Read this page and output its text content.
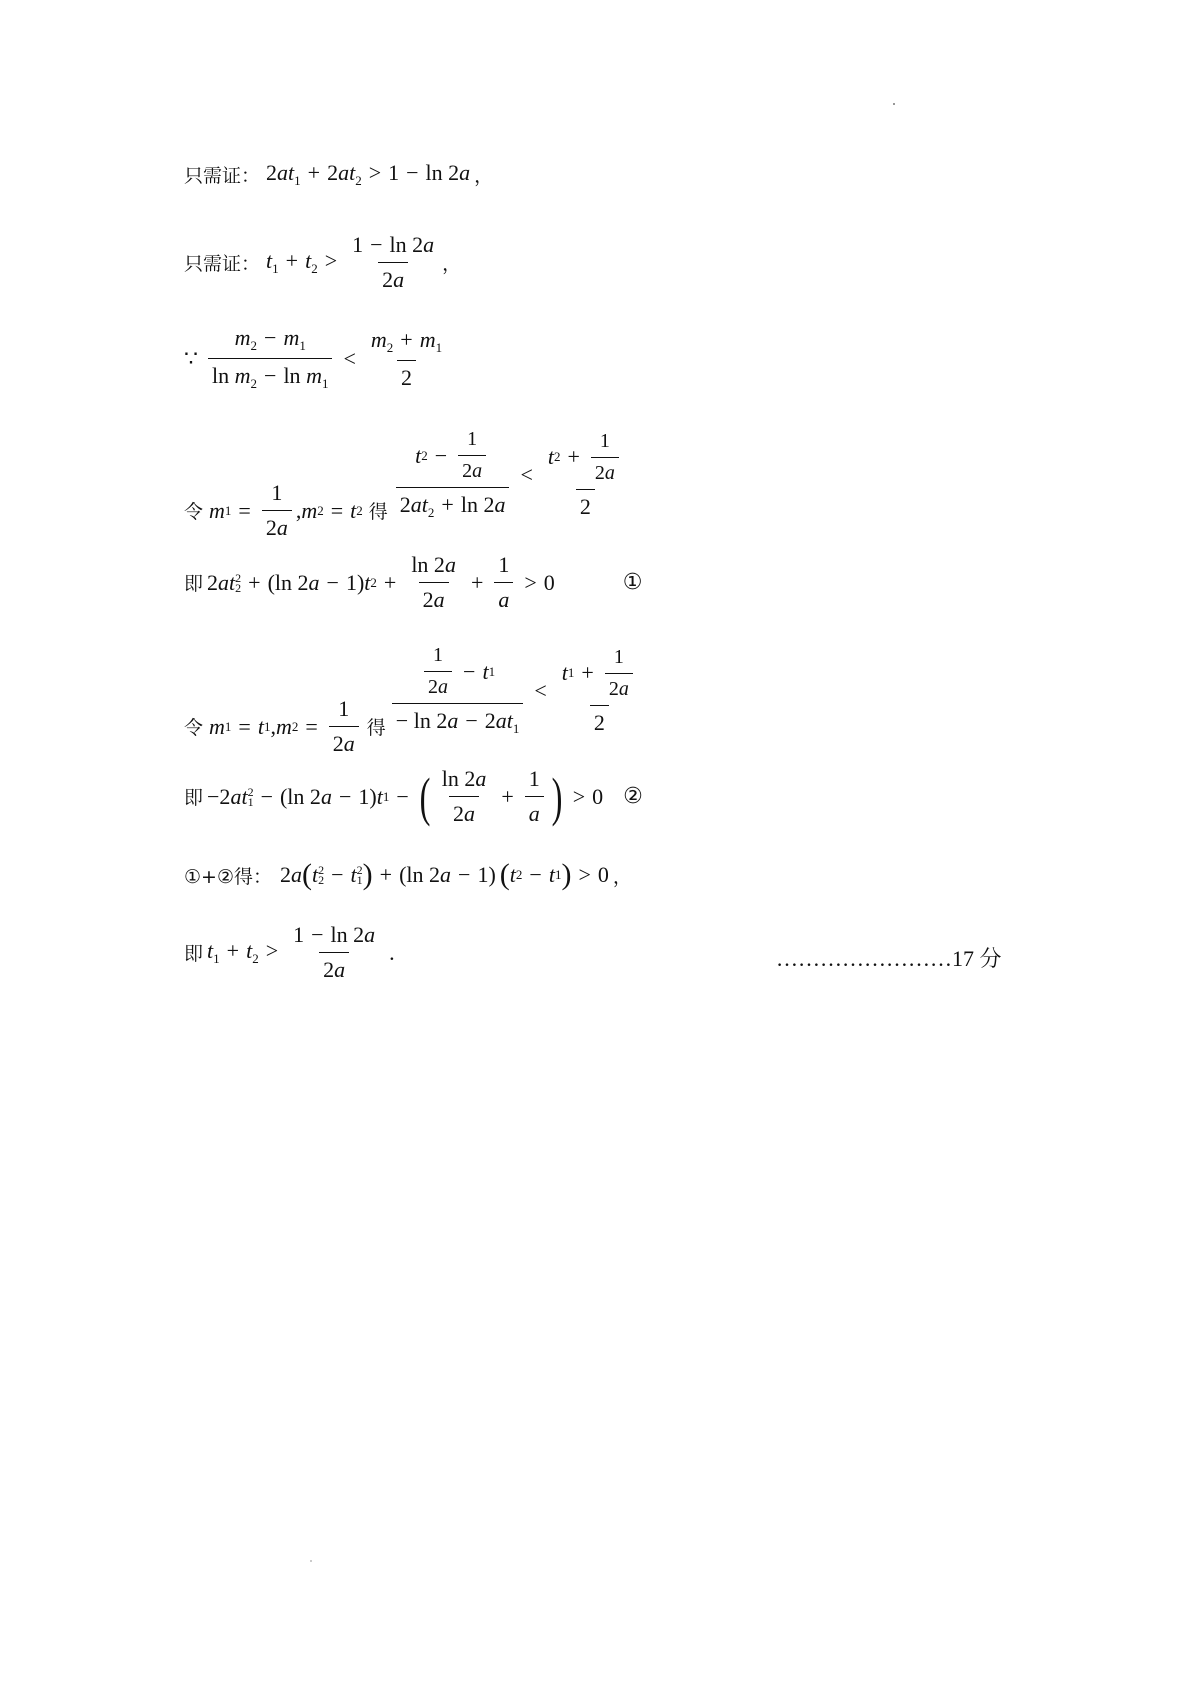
只需证： $2at_1 + 2at_2 > 1 - \ln 2a$ ，
只需证： $t_1 + t_2 > \frac{1 - \ln 2a}{2a}$ ，
∵ $\frac{m_2 - m_1}{\ln m_2 - \ln m_1} < \frac{m_2 + m_1}{2}$
令 m $1 = \frac{1}{2a}$ , m 2 = t 2 得 $\frac{t 2 - \frac{1}{2a}}{2at_2 + \ln 2a} < \frac{t 2 + \frac{1}{2a}}{2}$
即 2 at 2
2 + (ln 2 a − 1) t $2 + \frac{\ln 2a}{2a} + \frac{1}{a} > 0$	①
令 m 1 = t 1 , m $2 = \frac{1}{2a}$ 得 $\frac{\frac{1}{2a} - t 1}{- \ln 2a - 2at_1} < \frac{t 1 + \frac{1}{2a}}{2}$
即 −2 at 2
1 − (ln 2 a − 1) t 1 − ( $\frac{\ln 2a}{2a} + \frac{1}{a}$ ) > 0 ②
①+②得： 2 a ( t 2
2 − t 2
1 ) + (ln 2 a − 1) ( t 2 − t 1 ) > 0 ，
即 $t_1 + t_2 > \frac{1 - \ln 2a}{2a}$ .	……………………17 分
